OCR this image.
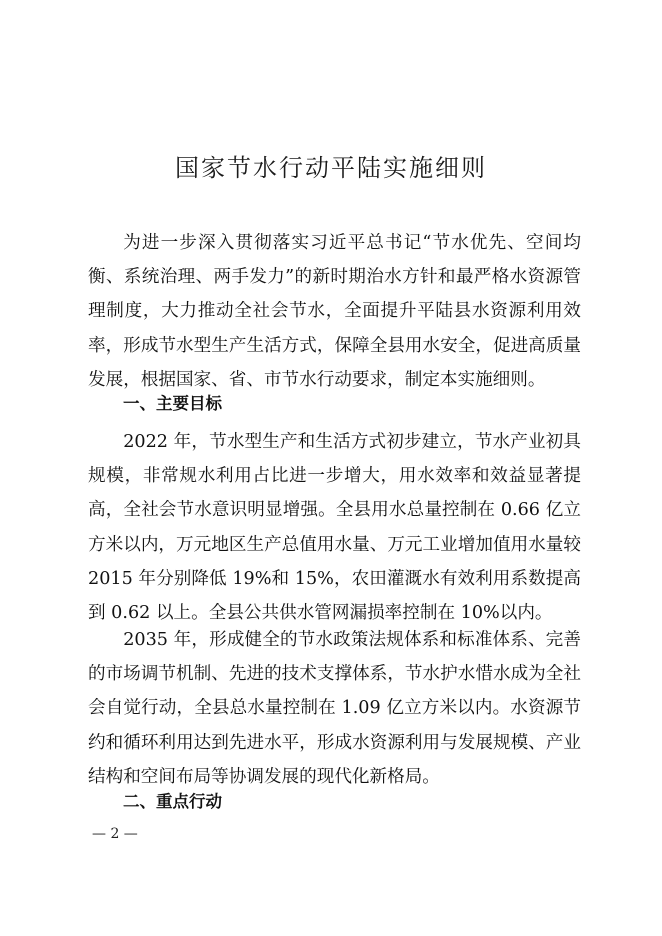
国家节水行动平陆实施细则
为进一步深入贯彻落实习近平总书记“节水优先、空间均衡、系统治理、两手发力”的新时期治水方针和最严格水资源管理制度，大力推动全社会节水，全面提升平陆县水资源利用效率，形成节水型生产生活方式，保障全县用水安全，促进高质量发展，根据国家、省、市节水行动要求，制定本实施细则。
一、主要目标
2022 年，节水型生产和生活方式初步建立，节水产业初具规模，非常规水利用占比进一步增大，用水效率和效益显著提高，全社会节水意识明显增强。全县用水总量控制在 0.66 亿立方米以内，万元地区生产总值用水量、万元工业增加值用水量较 2015 年分别降低 19%和 15%，农田灌溉水有效利用系数提高到 0.62 以上。全县公共供水管网漏损率控制在 10%以内。
2035 年，形成健全的节水政策法规体系和标准体系、完善的市场调节机制、先进的技术支撑体系，节水护水惜水成为全社会自觉行动，全县总水量控制在 1.09 亿立方米以内。水资源节约和循环利用达到先进水平，形成水资源利用与发展规模、产业结构和空间布局等协调发展的现代化新格局。
二、重点行动
— 2 —
